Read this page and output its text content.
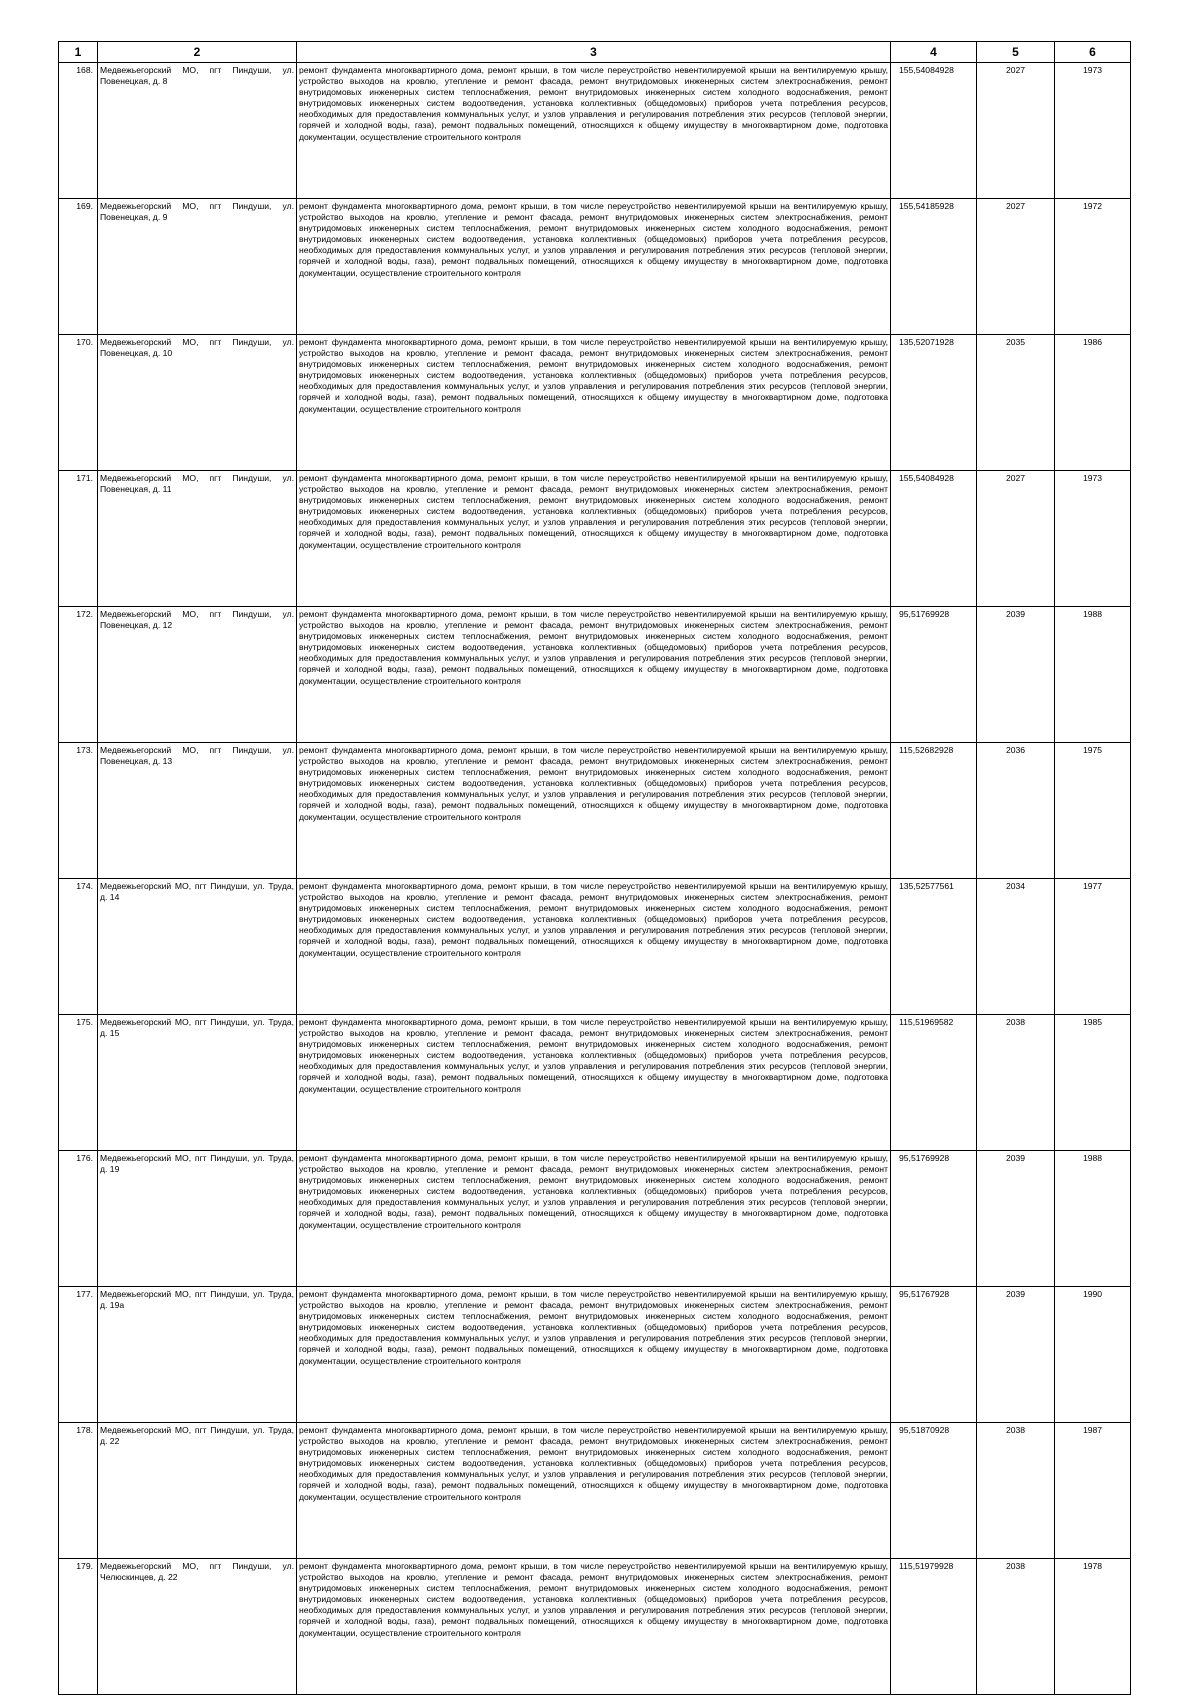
1	2	3	4	5	6
168.	Медвежьегорский МО, пгт Пиндуши, ул. Повенецкая, д. 8	ремонт фундамента многоквартирного дома, ремонт крыши, в том числе переустройство невентилируемой крыши на вентилируемую крышу, устройство выходов на кровлю, утепление и ремонт фасада, ремонт внутридомовых инженерных систем электроснабжения, ремонт внутридомовых инженерных систем теплоснабжения, ремонт внутридомовых инженерных систем холодного водоснабжения, ремонт внутридомовых инженерных систем водоотведения, установка коллективных (общедомовых) приборов учета потребления ресурсов, необходимых для предоставления коммунальных услуг, и узлов управления и регулирования потребления этих ресурсов (тепловой энергии, горячей и холодной воды, газа), ремонт подвальных помещений, относящихся к общему имуществу в многоквартирном доме, подготовка документации, осуществление строительного контроля	155,54084928	2027	1973
169.	Медвежьегорский МО, пгт Пиндуши, ул. Повенецкая, д. 9	ремонт фундамента многоквартирного дома, ремонт крыши, в том числе переустройство невентилируемой крыши на вентилируемую крышу, устройство выходов на кровлю, утепление и ремонт фасада, ремонт внутридомовых инженерных систем электроснабжения, ремонт внутридомовых инженерных систем теплоснабжения, ремонт внутридомовых инженерных систем холодного водоснабжения, ремонт внутридомовых инженерных систем водоотведения, установка коллективных (общедомовых) приборов учета потребления ресурсов, необходимых для предоставления коммунальных услуг, и узлов управления и регулирования потребления этих ресурсов (тепловой энергии, горячей и холодной воды, газа), ремонт подвальных помещений, относящихся к общему имуществу в многоквартирном доме, подготовка документации, осуществление строительного контроля	155,54185928	2027	1972
170.	Медвежьегорский МО, пгт Пиндуши, ул. Повенецкая, д. 10	ремонт фундамента многоквартирного дома, ремонт крыши, в том числе переустройство невентилируемой крыши на вентилируемую крышу, устройство выходов на кровлю, утепление и ремонт фасада, ремонт внутридомовых инженерных систем электроснабжения, ремонт внутридомовых инженерных систем теплоснабжения, ремонт внутридомовых инженерных систем холодного водоснабжения, ремонт внутридомовых инженерных систем водоотведения, установка коллективных (общедомовых) приборов учета потребления ресурсов, необходимых для предоставления коммунальных услуг, и узлов управления и регулирования потребления этих ресурсов (тепловой энергии, горячей и холодной воды, газа), ремонт подвальных помещений, относящихся к общему имуществу в многоквартирном доме, подготовка документации, осуществление строительного контроля	135,52071928	2035	1986
171.	Медвежьегорский МО, пгт Пиндуши, ул. Повенецкая, д. 11	ремонт фундамента многоквартирного дома, ремонт крыши, в том числе переустройство невентилируемой крыши на вентилируемую крышу, устройство выходов на кровлю, утепление и ремонт фасада, ремонт внутридомовых инженерных систем электроснабжения, ремонт внутридомовых инженерных систем теплоснабжения, ремонт внутридомовых инженерных систем холодного водоснабжения, ремонт внутридомовых инженерных систем водоотведения, установка коллективных (общедомовых) приборов учета потребления ресурсов, необходимых для предоставления коммунальных услуг, и узлов управления и регулирования потребления этих ресурсов (тепловой энергии, горячей и холодной воды, газа), ремонт подвальных помещений, относящихся к общему имуществу в многоквартирном доме, подготовка документации, осуществление строительного контроля	155,54084928	2027	1973
172.	Медвежьегорский МО, пгт Пиндуши, ул. Повенецкая, д. 12	ремонт фундамента многоквартирного дома, ремонт крыши, в том числе переустройство невентилируемой крыши на вентилируемую крышу, устройство выходов на кровлю, утепление и ремонт фасада, ремонт внутридомовых инженерных систем электроснабжения, ремонт внутридомовых инженерных систем теплоснабжения, ремонт внутридомовых инженерных систем холодного водоснабжения, ремонт внутридомовых инженерных систем водоотведения, установка коллективных (общедомовых) приборов учета потребления ресурсов, необходимых для предоставления коммунальных услуг, и узлов управления и регулирования потребления этих ресурсов (тепловой энергии, горячей и холодной воды, газа), ремонт подвальных помещений, относящихся к общему имуществу в многоквартирном доме, подготовка документации, осуществление строительного контроля	95,51769928	2039	1988
173.	Медвежьегорский МО, пгт Пиндуши, ул. Повенецкая, д. 13	ремонт фундамента многоквартирного дома, ремонт крыши, в том числе переустройство невентилируемой крыши на вентилируемую крышу, устройство выходов на кровлю, утепление и ремонт фасада, ремонт внутридомовых инженерных систем электроснабжения, ремонт внутридомовых инженерных систем теплоснабжения, ремонт внутридомовых инженерных систем холодного водоснабжения, ремонт внутридомовых инженерных систем водоотведения, установка коллективных (общедомовых) приборов учета потребления ресурсов, необходимых для предоставления коммунальных услуг, и узлов управления и регулирования потребления этих ресурсов (тепловой энергии, горячей и холодной воды, газа), ремонт подвальных помещений, относящихся к общему имуществу в многоквартирном доме, подготовка документации, осуществление строительного контроля	115,52682928	2036	1975
174.	Медвежьегорский МО, пгт Пиндуши, ул. Труда, д. 14	ремонт фундамента многоквартирного дома, ремонт крыши, в том числе переустройство невентилируемой крыши на вентилируемую крышу, устройство выходов на кровлю, утепление и ремонт фасада, ремонт внутридомовых инженерных систем электроснабжения, ремонт внутридомовых инженерных систем теплоснабжения, ремонт внутридомовых инженерных систем холодного водоснабжения, ремонт внутридомовых инженерных систем водоотведения, установка коллективных (общедомовых) приборов учета потребления ресурсов, необходимых для предоставления коммунальных услуг, и узлов управления и регулирования потребления этих ресурсов (тепловой энергии, горячей и холодной воды, газа), ремонт подвальных помещений, относящихся к общему имуществу в многоквартирном доме, подготовка документации, осуществление строительного контроля	135,52577561	2034	1977
175.	Медвежьегорский МО, пгт Пиндуши, ул. Труда, д. 15	ремонт фундамента многоквартирного дома, ремонт крыши, в том числе переустройство невентилируемой крыши на вентилируемую крышу, устройство выходов на кровлю, утепление и ремонт фасада, ремонт внутридомовых инженерных систем электроснабжения, ремонт внутридомовых инженерных систем теплоснабжения, ремонт внутридомовых инженерных систем холодного водоснабжения, ремонт внутридомовых инженерных систем водоотведения, установка коллективных (общедомовых) приборов учета потребления ресурсов, необходимых для предоставления коммунальных услуг, и узлов управления и регулирования потребления этих ресурсов (тепловой энергии, горячей и холодной воды, газа), ремонт подвальных помещений, относящихся к общему имуществу в многоквартирном доме, подготовка документации, осуществление строительного контроля	115,51969582	2038	1985
176.	Медвежьегорский МО, пгт Пиндуши, ул. Труда, д. 19	ремонт фундамента многоквартирного дома, ремонт крыши, в том числе переустройство невентилируемой крыши на вентилируемую крышу, устройство выходов на кровлю, утепление и ремонт фасада, ремонт внутридомовых инженерных систем электроснабжения, ремонт внутридомовых инженерных систем теплоснабжения, ремонт внутридомовых инженерных систем холодного водоснабжения, ремонт внутридомовых инженерных систем водоотведения, установка коллективных (общедомовых) приборов учета потребления ресурсов, необходимых для предоставления коммунальных услуг, и узлов управления и регулирования потребления этих ресурсов (тепловой энергии, горячей и холодной воды, газа), ремонт подвальных помещений, относящихся к общему имуществу в многоквартирном доме, подготовка документации, осуществление строительного контроля	95,51769928	2039	1988
177.	Медвежьегорский МО, пгт Пиндуши, ул. Труда, д. 19а	ремонт фундамента многоквартирного дома, ремонт крыши, в том числе переустройство невентилируемой крыши на вентилируемую крышу, устройство выходов на кровлю, утепление и ремонт фасада, ремонт внутридомовых инженерных систем электроснабжения, ремонт внутридомовых инженерных систем теплоснабжения, ремонт внутридомовых инженерных систем холодного водоснабжения, ремонт внутридомовых инженерных систем водоотведения, установка коллективных (общедомовых) приборов учета потребления ресурсов, необходимых для предоставления коммунальных услуг, и узлов управления и регулирования потребления этих ресурсов (тепловой энергии, горячей и холодной воды, газа), ремонт подвальных помещений, относящихся к общему имуществу в многоквартирном доме, подготовка документации, осуществление строительного контроля	95,51767928	2039	1990
178.	Медвежьегорский МО, пгт Пиндуши, ул. Труда, д. 22	ремонт фундамента многоквартирного дома, ремонт крыши, в том числе переустройство невентилируемой крыши на вентилируемую крышу, устройство выходов на кровлю, утепление и ремонт фасада, ремонт внутридомовых инженерных систем электроснабжения, ремонт внутридомовых инженерных систем теплоснабжения, ремонт внутридомовых инженерных систем холодного водоснабжения, ремонт внутридомовых инженерных систем водоотведения, установка коллективных (общедомовых) приборов учета потребления ресурсов, необходимых для предоставления коммунальных услуг, и узлов управления и регулирования потребления этих ресурсов (тепловой энергии, горячей и холодной воды, газа), ремонт подвальных помещений, относящихся к общему имуществу в многоквартирном доме, подготовка документации, осуществление строительного контроля	95,51870928	2038	1987
179.	Медвежьегорский МО, пгт Пиндуши, ул. Челюскинцев, д. 22	ремонт фундамента многоквартирного дома, ремонт крыши, в том числе переустройство невентилируемой крыши на вентилируемую крышу, устройство выходов на кровлю, утепление и ремонт фасада, ремонт внутридомовых инженерных систем электроснабжения, ремонт внутридомовых инженерных систем теплоснабжения, ремонт внутридомовых инженерных систем холодного водоснабжения, ремонт внутридомовых инженерных систем водоотведения, установка коллективных (общедомовых) приборов учета потребления ресурсов, необходимых для предоставления коммунальных услуг, и узлов управления и регулирования потребления этих ресурсов (тепловой энергии, горячей и холодной воды, газа), ремонт подвальных помещений, относящихся к общему имуществу в многоквартирном доме, подготовка документации, осуществление строительного контроля	115,51979928	2038	1978
